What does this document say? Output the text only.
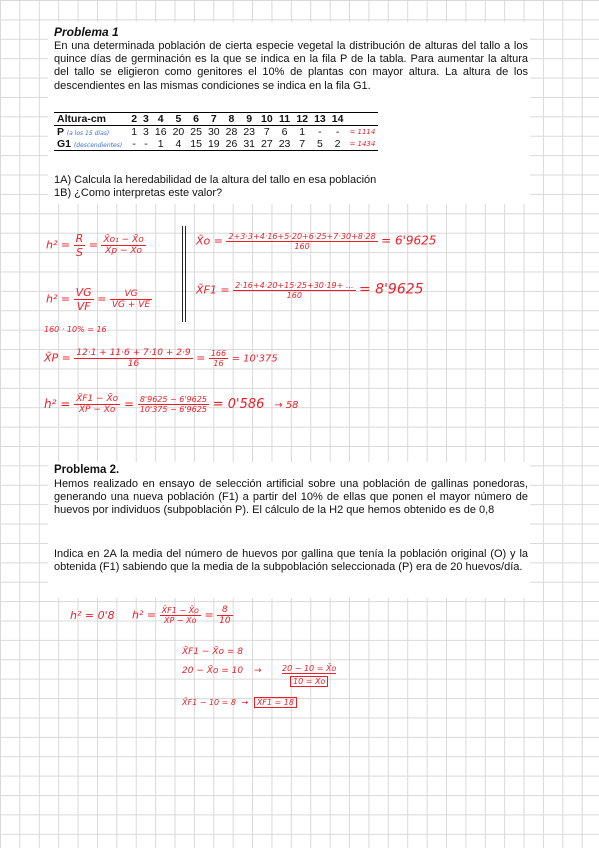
Problema 1

En una determinada población de cierta especie vegetal la distribución de alturas del tallo a los quince días de germinación es la que se indica en la fila P de la tabla. Para aumentar la altura del tallo se eligieron como genitores el 10% de plantas con mayor altura. La altura de los descendientes en las mismas condiciones se indica en la fila G1.

Altura-cm	2	3	4	5	6	7	8	9	10	11	12	13	14	
P (a los 15 días)	1	3	16	20	25	30	28	23	7	6	1	-	-	= 1114
G1 (descendientes)	-	-	1	4	15	19	26	31	27	23	7	5	2	= 1434
1A) Calcula la heredabilidad de la altura del tallo en esa población
1B) ¿Como interpretas este valor?
$h^2 = \frac{R}{S} = \frac{\text{X̄o₁ − X̄o}}{X̄p - X̄o}$
$h^2 = \frac{VG}{VF} = \frac{VG}{VG + VE}$
X̄o = $\frac{2+3\cdot 3+4\cdot 16+5\cdot 20+6\cdot 25+7\cdot 30+8\cdot 28}{160} = 6'9625$
X̄F1 = $\frac{2\cdot 16+4\cdot 20+15\cdot 25+30\cdot 19+ ...}{160} = 8'9625$
160 · 10% = 16
X̄P = $\frac{12\cdot 1 + 11\cdot 6 + 7\cdot 10 + 2\cdot 9}{16} = \frac{166}{16} = 10'375$
$h^2 = \frac{X̄F1 - X̄o}{X̄P - X̄o} = \frac{8'9625 - 6'9625}{10'375 - 6'9625} = 0'586 \to 58$
Problema 2.

Hemos realizado en ensayo de selección artificial sobre una población de gallinas ponedoras, generando una nueva población (F1) a partir del 10% de ellas que ponen el mayor número de huevos por individuos (subpoblación P). El cálculo de la H2 que hemos obtenido es de 0,8

Indica en 2A la media del número de huevos por gallina que tenía la población original (O) y la obtenida (F1) sabiendo que la media de la subpoblación seleccionada (P) era de 20 huevos/día.

h² = 0'8 $h^2 = \frac{X̄F1 - X̄o}{X̄P - X̄o} = \frac{8}{10}$
X̄F1 − X̄o = 8
20 − X̄o = 10 →	20 − 10 = X̄o
10 = X̄o
X̄F1 − 10 = 8 → X̄F1 = 18
